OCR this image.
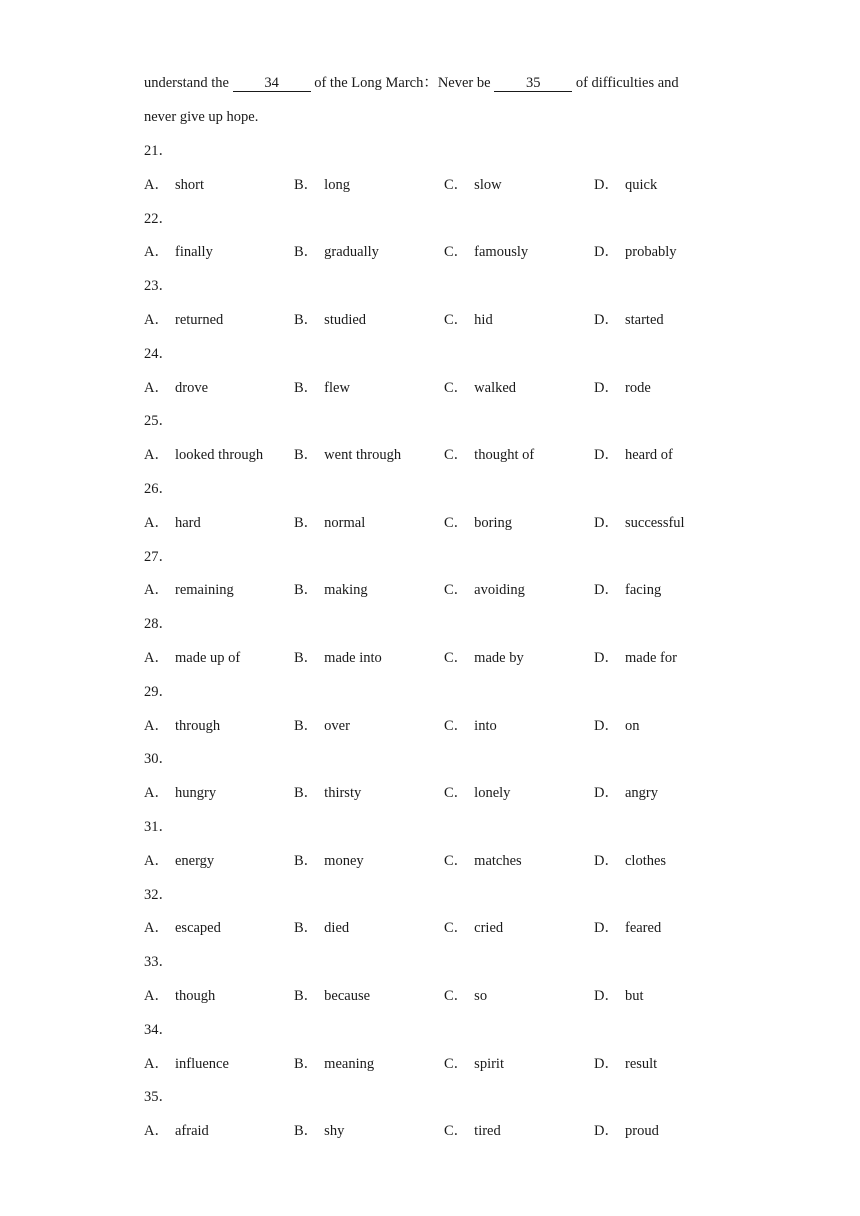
understand the 34 of the Long March：Never be 35 of difficulties and
never give up hope.
21．
A． short	B． long	C． slow	D． quick
22．
A． finally	B． gradually	C． famously	D． probably
23．
A． returned	B． studied	C． hid	D． started
24．
A． drove	B． flew	C． walked	D． rode
25．
A． looked through B． went through	C． thought of	D． heard of
26．
A． hard	B． normal	C． boring	D． successful
27．
A． remaining	B． making	C． avoiding	D． facing
28．
A． made up of	B． made into	C． made by	D． made for
29．
A． through	B． over	C． into	D． on
30．
A． hungry	B． thirsty	C． lonely	D． angry
31．
A． energy	B． money	C． matches	D． clothes
32．
A． escaped	B． died	C． cried	D． feared
33．
A． though	B． because	C． so	D． but
34．
A． influence	B． meaning	C． spirit	D． result
35．
A． afraid	B． shy	C． tired	D． proud
